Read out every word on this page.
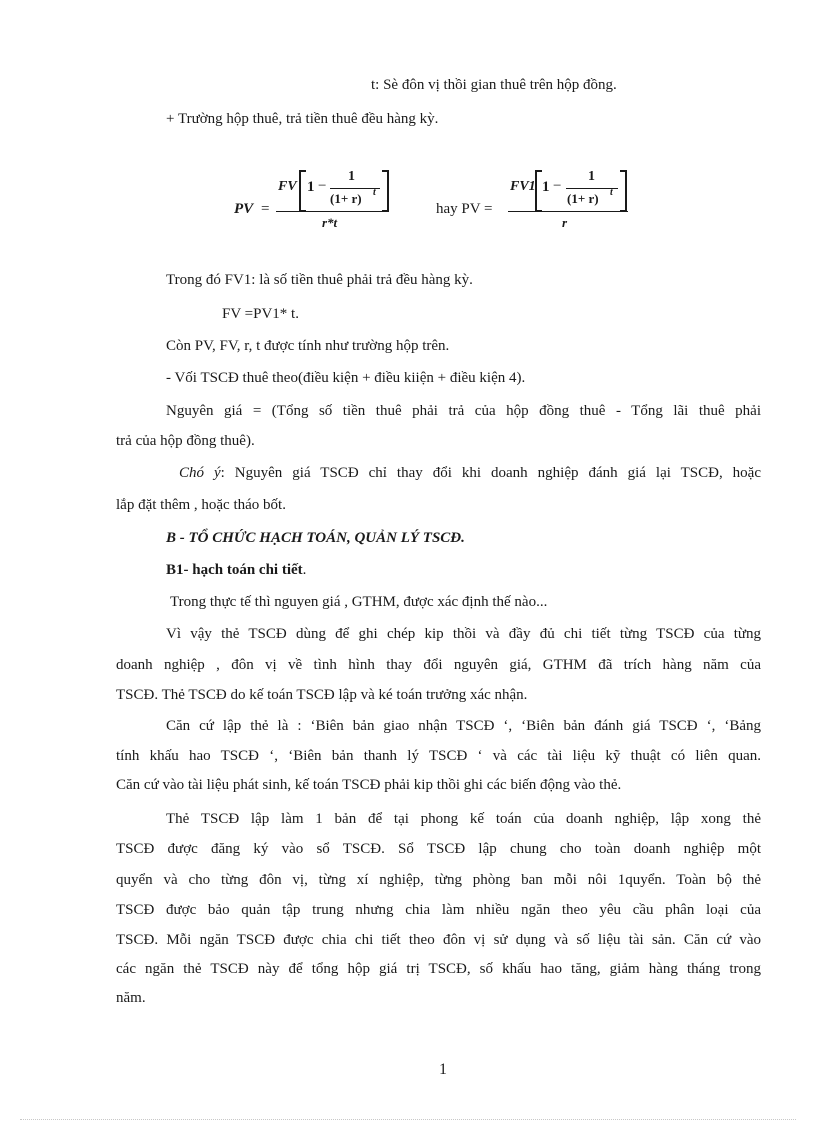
t: Sè đôn vị thồi gian thuê trên hộp đồng.
+ Trường hộp thuê, trả tiền thuê đều hàng kỳ.
PV =
FV 1 −
1
(1+ r) t
r*t
hay PV =
FV1 1 −
1
(1+ r) t
r
Trong đó FV1: là số tiền thuê phải trả đều hàng kỳ.
FV =PV1* t.
Còn PV, FV, r, t được tính như trường hộp trên.
- Vối TSCĐ thuê theo(điều kiện + điều kiiện + điều kiện 4).
Nguyên giá = (Tổng số tiền thuê phải trả của hộp đồng thuê - Tổng lãi thuê phải
trả của hộp đồng thuê).
Chó ý: Nguyên giá TSCĐ chỉ thay đổi khi doanh nghiệp đánh giá lại TSCĐ, hoặc
lắp đặt thêm , hoặc tháo bốt.
B - TỔ CHỨC HẠCH TOÁN, QUẢN LÝ TSCĐ.
B1- hạch toán chi tiết.
Trong thực tế thì nguyen giá , GTHM, được xác định thế nào...
Vì vậy thẻ TSCĐ dùng để ghi chép kip thồi và đầy đủ chi tiết từng TSCĐ của từng
doanh nghiệp , đôn vị về tình hình thay đổi nguyên giá, GTHM đã trích hàng năm của
TSCĐ. Thẻ TSCĐ do kế toán TSCĐ lập và ké toán trưởng xác nhận.
Căn cứ lập thẻ là : ‘Biên bản giao nhận TSCĐ ‘, ‘Biên bản đánh giá TSCĐ ‘, ‘Bảng
tính khấu hao TSCĐ ‘, ‘Biên bản thanh lý TSCĐ ‘ và các tài liệu kỹ thuật có liên quan.
Căn cứ vào tài liệu phát sinh, kế toán TSCĐ phải kip thồi ghi các biến động vào thẻ.
Thẻ TSCĐ lập làm 1 bản để tại phong kế toán của doanh nghiệp, lập xong thẻ
TSCĐ được đăng ký vào sổ TSCĐ. Sổ TSCĐ lập chung cho toàn doanh nghiệp một
quyển và cho từng đôn vị, từng xí nghiệp, từng phòng ban mỗi nôi 1quyển. Toàn bộ thẻ
TSCĐ được bảo quản tập trung nhưng chia làm nhiều ngăn theo yêu cầu phân loại của
TSCĐ. Mỗi ngăn TSCĐ được chia chi tiết theo đôn vị sử dụng và số liệu tài sản. Căn cứ vào
các ngăn thẻ TSCĐ này để tổng hộp giá trị TSCĐ, số khấu hao tăng, giảm hàng tháng trong
năm.
1
